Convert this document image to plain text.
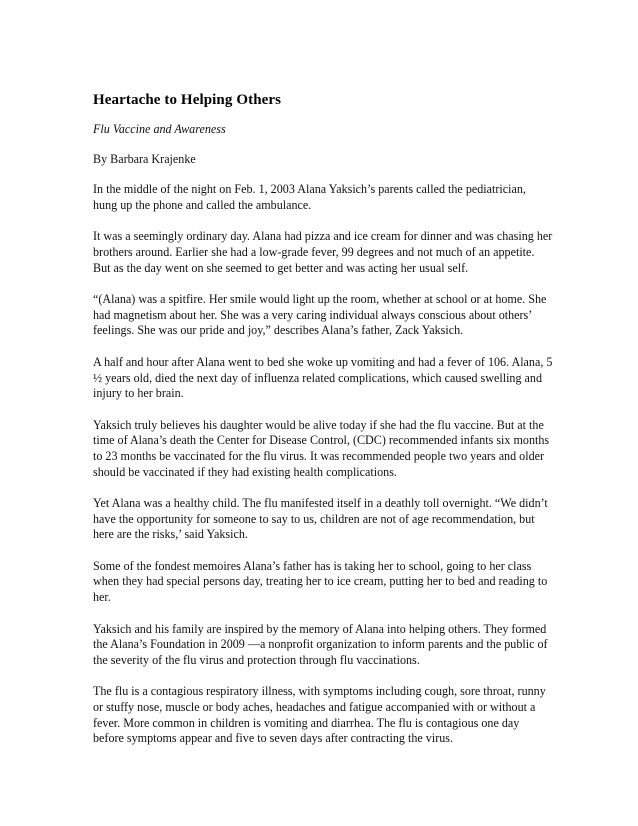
Heartache to Helping Others
Flu Vaccine and Awareness
By Barbara Krajenke
In the middle of the night on Feb. 1, 2003 Alana Yaksich’s parents called the pediatrician, hung up the phone and called the ambulance.
It was a seemingly ordinary day. Alana had pizza and ice cream for dinner and was chasing her brothers around. Earlier she had a low-grade fever, 99 degrees and not much of an appetite. But as the day went on she seemed to get better and was acting her usual self.
“(Alana) was a spitfire. Her smile would light up the room, whether at school or at home. She had magnetism about her. She was a very caring individual always conscious about others’ feelings. She was our pride and joy,” describes Alana’s father, Zack Yaksich.
A half and hour after Alana went to bed she woke up vomiting and had a fever of 106. Alana, 5 ½ years old, died the next day of influenza related complications, which caused swelling and injury to her brain.
Yaksich truly believes his daughter would be alive today if she had the flu vaccine. But at the time of Alana’s death the Center for Disease Control, (CDC) recommended infants six months to 23 months be vaccinated for the flu virus. It was recommended people two years and older should be vaccinated if they had existing health complications.
Yet Alana was a healthy child. The flu manifested itself in a deathly toll overnight. “We didn’t have the opportunity for someone to say to us, children are not of age recommendation, but here are the risks,’ said Yaksich.
Some of the fondest memoires Alana’s father has is taking her to school, going to her class when they had special persons day, treating her to ice cream, putting her to bed and reading to her.
Yaksich and his family are inspired by the memory of Alana into helping others. They formed the Alana’s Foundation in 2009 —a nonprofit organization to inform parents and the public of the severity of the flu virus and protection through flu vaccinations.
The flu is a contagious respiratory illness, with symptoms including cough, sore throat, runny or stuffy nose, muscle or body aches, headaches and fatigue accompanied with or without a fever. More common in children is vomiting and diarrhea. The flu is contagious one day before symptoms appear and five to seven days after contracting the virus.
